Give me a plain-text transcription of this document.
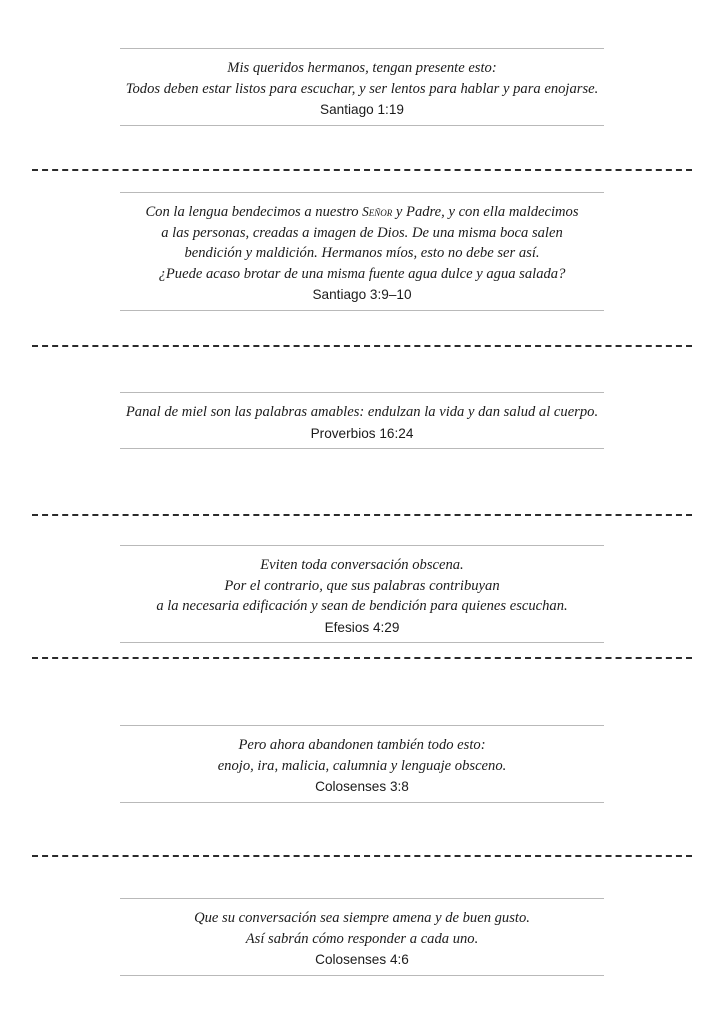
Mis queridos hermanos, tengan presente esto:
Todos deben estar listos para escuchar, y ser lentos para hablar y para enojarse.
Santiago 1:19
Con la lengua bendecimos a nuestro Señor y Padre, y con ella maldecimos
a las personas, creadas a imagen de Dios. De una misma boca salen
bendición y maldición. Hermanos míos, esto no debe ser así.
¿Puede acaso brotar de una misma fuente agua dulce y agua salada?
Santiago 3:9–10
Panal de miel son las palabras amables: endulzan la vida y dan salud al cuerpo.
Proverbios 16:24
Eviten toda conversación obscena.
Por el contrario, que sus palabras contribuyan
a la necesaria edificación y sean de bendición para quienes escuchan.
Efesios 4:29
Pero ahora abandonen también todo esto:
enojo, ira, malicia, calumnia y lenguaje obsceno.
Colosenses 3:8
Que su conversación sea siempre amena y de buen gusto.
Así sabrán cómo responder a cada uno.
Colosenses 4:6
